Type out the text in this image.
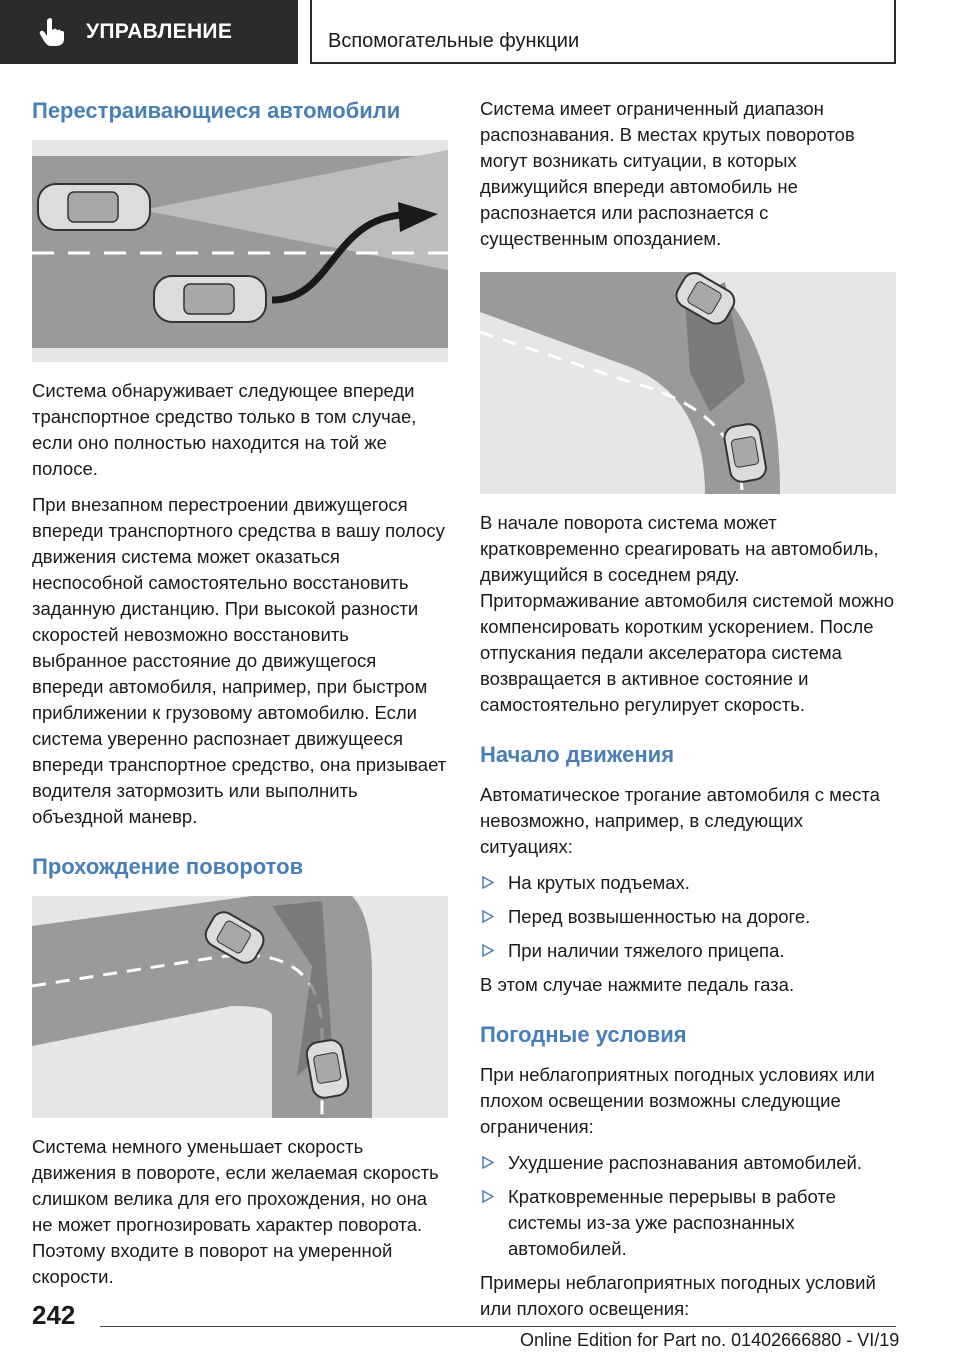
УПРАВЛЕНИЕ	Вспомогательные функции
Перестраивающиеся автомобили

Система обнаруживает следующее впереди транспортное средство только в том случае, если оно полностью находится на той же полосе.

При внезапном перестроении движущегося впереди транспортного средства в вашу полосу движения система может оказаться неспособной самостоятельно восстановить заданную дистанцию. При высокой разности скоростей невозможно восстановить выбранное расстояние до движущегося впереди автомобиля, например, при быстром приближении к грузовому автомобилю. Если система уверенно распознает движущееся впереди транспортное средство, она призывает водителя затормозить или выполнить объездной маневр.

Прохождение поворотов

Система немного уменьшает скорость движения в повороте, если желаемая скорость слишком велика для его прохождения, но она не может прогнозировать характер поворота. Поэтому входите в поворот на умеренной скорости.

Система имеет ограниченный диапазон распознавания. В местах крутых поворотов могут возникать ситуации, в которых движущийся впереди автомобиль не распознается или распознается с существенным опозданием.

В начале поворота система может кратковременно среагировать на автомобиль, движущийся в соседнем ряду. Притормаживание автомобиля системой можно компенсировать коротким ускорением. После отпускания педали акселератора система возвращается в активное состояние и самостоятельно регулирует скорость.

Начало движения

Автоматическое трогание автомобиля с места невозможно, например, в следующих ситуациях:

На крутых подъемах.
Перед возвышенностью на дороге.
При наличии тяжелого прицепа.

В этом случае нажмите педаль газа.

Погодные условия

При неблагоприятных погодных условиях или плохом освещении возможны следующие ограничения:

Ухудшение распознавания автомобилей.
Кратковременные перерывы в работе системы из-за уже распознанных автомобилей.

Примеры неблагоприятных погодных условий или плохого освещения:

242
Online Edition for Part no. 01402666880 - VI/19
